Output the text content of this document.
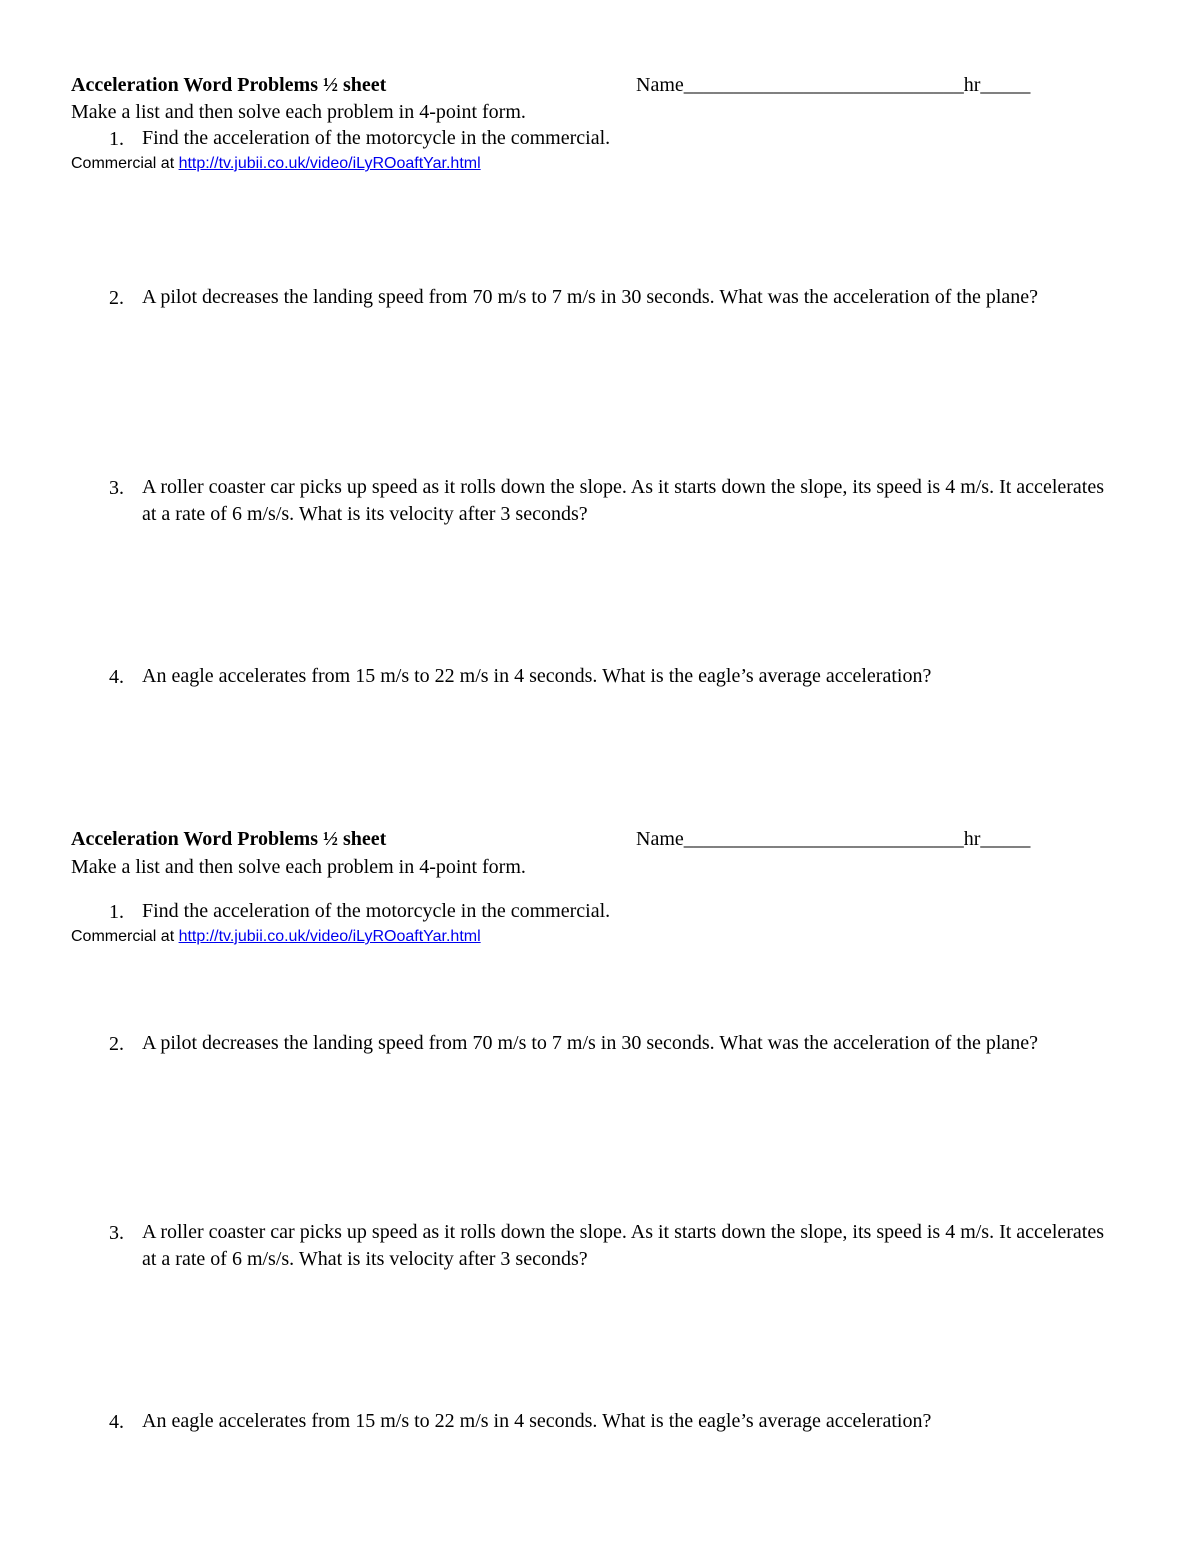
Acceleration Word Problems ½ sheet	Name____________________________hr_____
Make a list and then solve each problem in 4-point form.
1. Find the acceleration of the motorcycle in the commercial.
Commercial at http://tv.jubii.co.uk/video/iLyROoaftYar.html
2. A pilot decreases the landing speed from 70 m/s to 7 m/s in 30 seconds. What was the acceleration of the plane?
3. A roller coaster car picks up speed as it rolls down the slope. As it starts down the slope, its speed is 4 m/s. It accelerates at a rate of 6 m/s/s. What is its velocity after 3 seconds?
4. An eagle accelerates from 15 m/s to 22 m/s in 4 seconds. What is the eagle’s average acceleration?
Acceleration Word Problems ½ sheet	Name____________________________hr_____
Make a list and then solve each problem in 4-point form.
1. Find the acceleration of the motorcycle in the commercial.
Commercial at http://tv.jubii.co.uk/video/iLyROoaftYar.html
2. A pilot decreases the landing speed from 70 m/s to 7 m/s in 30 seconds. What was the acceleration of the plane?
3. A roller coaster car picks up speed as it rolls down the slope. As it starts down the slope, its speed is 4 m/s. It accelerates at a rate of 6 m/s/s. What is its velocity after 3 seconds?
4. An eagle accelerates from 15 m/s to 22 m/s in 4 seconds. What is the eagle’s average acceleration?
